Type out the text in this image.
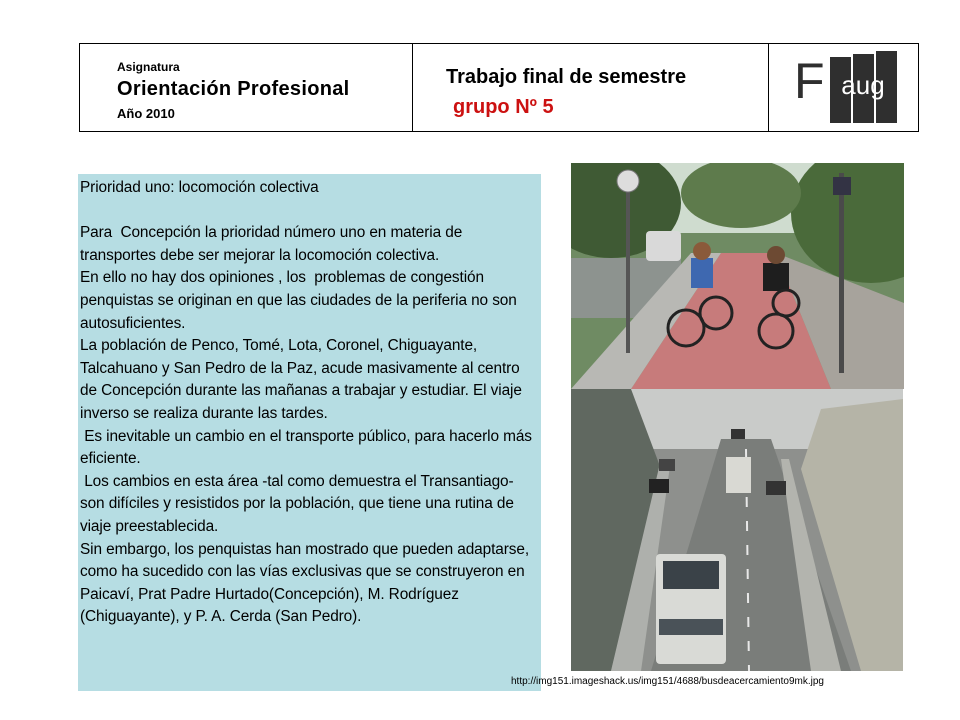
Asignatura
Orientación Profesional
Año 2010
Trabajo final de semestre
grupo Nº 5	F aug
Prioridad uno: locomoción colectiva

Para  Concepción la prioridad número uno en materia de transportes debe ser mejorar la locomoción colectiva.
En ello no hay dos opiniones , los  problemas de congestión penquistas se originan en que las ciudades de la periferia no son autosuficientes.
La población de Penco, Tomé, Lota, Coronel, Chiguayante, Talcahuano y San Pedro de la Paz, acude masivamente al centro de Concepción durante las mañanas a trabajar y estudiar. El viaje inverso se realiza durante las tardes.
Es inevitable un cambio en el transporte público, para hacerlo más eficiente.
Los cambios en esta área -tal como demuestra el Transantiago- son difíciles y resistidos por la población, que tiene una rutina de viaje preestablecida.
Sin embargo, los penquistas han mostrado que pueden adaptarse, como ha sucedido con las vías exclusivas que se construyeron en Paicaví, Prat Padre Hurtado(Concepción), M. Rodríguez (Chiguayante), y P. A. Cerda (San Pedro).
http://img151.imageshack.us/img151/4688/busdeacercamiento9mk.jpg
